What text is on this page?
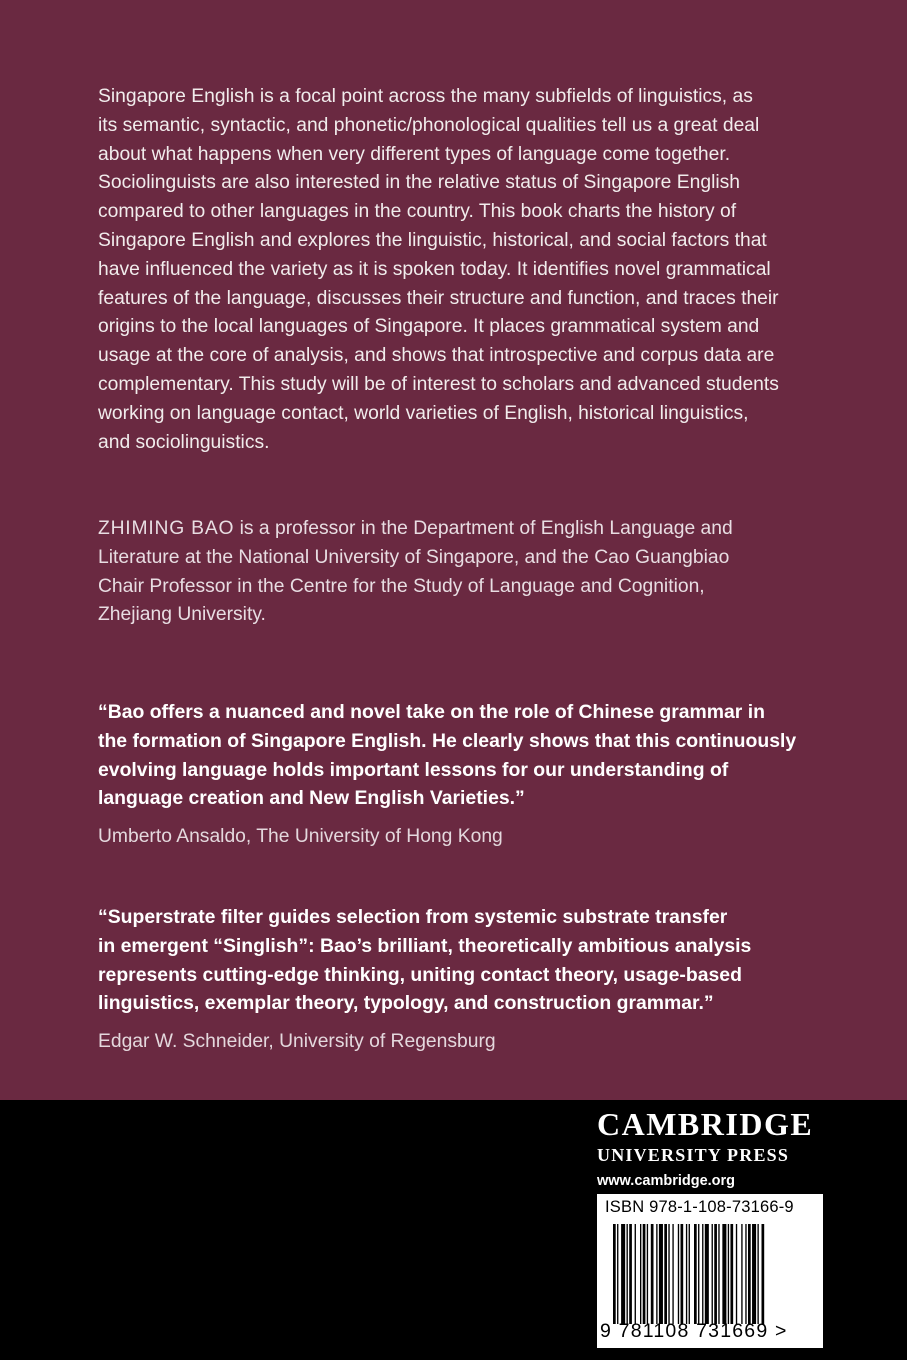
Singapore English is a focal point across the many subfields of linguistics, as
its semantic, syntactic, and phonetic/phonological qualities tell us a great deal
about what happens when very different types of language come together.
Sociolinguists are also interested in the relative status of Singapore English
compared to other languages in the country. This book charts the history of
Singapore English and explores the linguistic, historical, and social factors that
have influenced the variety as it is spoken today. It identifies novel grammatical
features of the language, discusses their structure and function, and traces their
origins to the local languages of Singapore. It places grammatical system and
usage at the core of analysis, and shows that introspective and corpus data are
complementary. This study will be of interest to scholars and advanced students
working on language contact, world varieties of English, historical linguistics,
and sociolinguistics.
ZHIMING BAO is a professor in the Department of English Language and
Literature at the National University of Singapore, and the Cao Guangbiao
Chair Professor in the Centre for the Study of Language and Cognition,
Zhejiang University.
“Bao offers a nuanced and novel take on the role of Chinese grammar in
the formation of Singapore English. He clearly shows that this continuously
evolving language holds important lessons for our understanding of
language creation and New English Varieties.”
Umberto Ansaldo, The University of Hong Kong
“Superstrate filter guides selection from systemic substrate transfer
in emergent “Singlish”: Bao’s brilliant, theoretically ambitious analysis
represents cutting-edge thinking, uniting contact theory, usage-based
linguistics, exemplar theory, typology, and construction grammar.”
Edgar W. Schneider, University of Regensburg
CAMBRIDGE
UNIVERSITY PRESS
www.cambridge.org
ISBN 978-1-108-73166-9
9 781108 731669 >
